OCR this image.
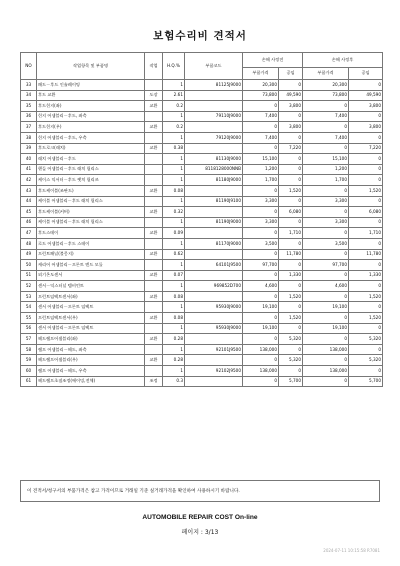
보험수리비 견적서
NO	작업항목 및 부품명	작업	H.Q.%	부품코드	손해 사정전		손해 사정후	
					부품가격	공임	부품가격	공임
33	패드－후드 인슐레이팅		1	81125J9000	20,300	0	20,300	0
34	후드 교환	도장	2.61		73,800	49,590	73,800	49,590
35	후드힌지(좌)	교환	0.2		0	3,800	0	3,800
36	힌지 어셈블리－후드, 좌측		1	79110J9000	7,400	0	7,400	0
37	후드힌지(우)	교환	0.2		0	3,800	0	3,800
38	힌지 어셈블리－후드, 우측		1	79120J9000	7,400	0	7,400	0
39	후드로크(래치)	교환	0.38		0	7,220	0	7,220
40	래치 어셈블리－후드		1	81130J9000	15,100	0	15,100	0
41	핸들 어셈블리－후드 래치 릴리스		1	8118128000NNB	1,200	0	1,200	0
42	케이스 익서터－후드 랫치 릴리즈		1	81180J9000	1,700	0	1,700	0
43	후드케이블(조판드)	교환	0.08		0	1,520	0	1,520
44	케이블 어셈블리－후드 래치 릴리스		1	81190J9100	3,300	0	3,300	0
45	후드케이블(커버)	교환	0.32		0	6,080	0	6,080
46	케이블 어셈블리－후드 래치 릴리스		1	81190J9000	3,300	0	3,300	0
47	후드스테이	교환	0.09		0	1,710	0	1,710
48	로드 어셈블리－후드 스테이		1	81170J9000	3,500	0	3,500	0
49	프런트패널(볼몽지)	교환	0.62		0	11,780	0	11,780
50	캐리어 어셈블리－프론트 엔드 모듈		1	64101J9500	97,700	0	97,700	0
51	외기온도센서	교환	0.07		0	1,330	0	1,330
52	센서－익스터널 템비언트		1	969852D700	4,600	0	4,600	0
53	프런트임팩트센서(좌)	교환	0.08		0	1,520	0	1,520
54	센서 어셈블리－프론트 임팩트		1	95930J9000	19,100	0	19,100	0
55	프런트임팩트센서(우)	교환	0.08		0	1,520	0	1,520
56	센서 어셈블리－프론트 임팩트		1	95930J9000	19,100	0	19,100	0
57	헤드램프어셈블리(좌)	교환	0.28		0	5,320	0	5,320
58	램프 어셈블리－헤드, 좌측		1	92101J9500	138,000	0	138,000	0
59	헤드램프어셈블리(우)	교환	0.28		0	5,320	0	5,320
60	램프 어셈블리－헤드, 우측		1	92102J9500	138,000	0	138,000	0
61	헤드램프초점조정(에이밍,전체)	조정	0.3		0	5,700	0	5,700
이 견적서/청구서의 부품가격은 참고 가격이므로 거래일 기준 실거래가격을 확인하여 사용하시기 바랍니다.
AUTOMOBILE REPAIR COST On-line
페이지 : 3/13
2024-07-11 10:15:58 R7081
